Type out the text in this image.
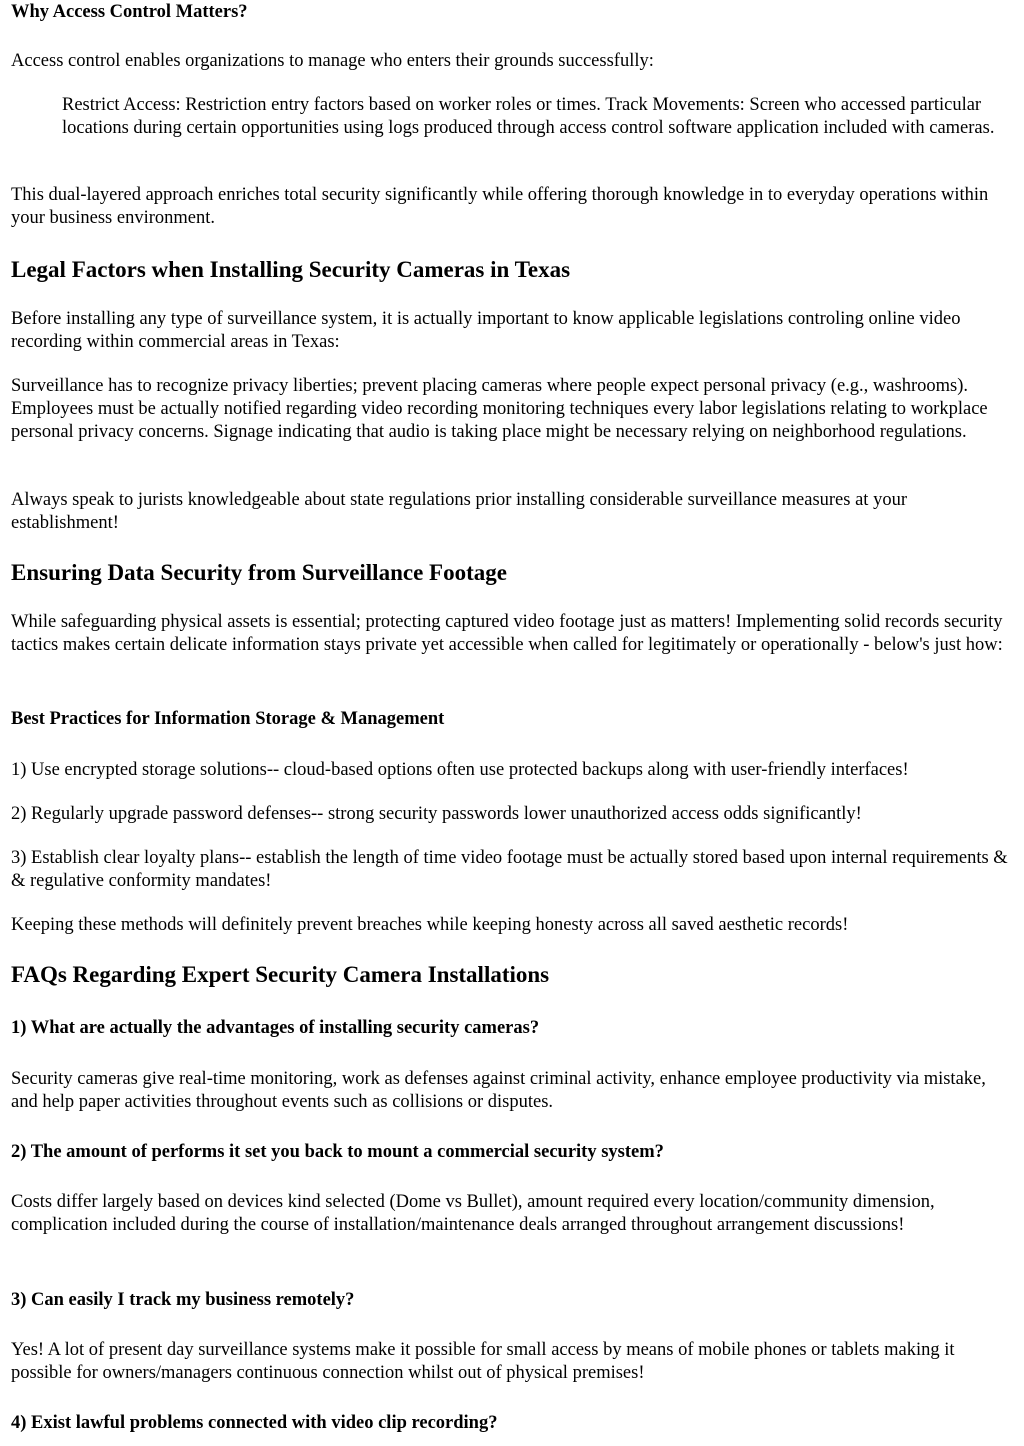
Why Access Control Matters?

Access control enables organizations to manage who enters their grounds successfully:

Restrict Access: Restriction entry factors based on worker roles or times. Track Movements: Screen who accessed particular locations during certain opportunities using logs produced through access control software application included with cameras.

This dual-layered approach enriches total security significantly while offering thorough knowledge in to everyday operations within your business environment.

Legal Factors when Installing Security Cameras in Texas

Before installing any type of surveillance system, it is actually important to know applicable legislations controling online video recording within commercial areas in Texas:

Surveillance has to recognize privacy liberties; prevent placing cameras where people expect personal privacy (e.g., washrooms). Employees must be actually notified regarding video recording monitoring techniques every labor legislations relating to workplace personal privacy concerns. Signage indicating that audio is taking place might be necessary relying on neighborhood regulations.

Always speak to jurists knowledgeable about state regulations prior installing considerable surveillance measures at your establishment!

Ensuring Data Security from Surveillance Footage

While safeguarding physical assets is essential; protecting captured video footage just as matters! Implementing solid records security tactics makes certain delicate information stays private yet accessible when called for legitimately or operationally - below's just how:

Best Practices for Information Storage & Management

1) Use encrypted storage solutions-- cloud-based options often use protected backups along with user-friendly interfaces!

2) Regularly upgrade password defenses-- strong security passwords lower unauthorized access odds significantly!

3) Establish clear loyalty plans-- establish the length of time video footage must be actually stored based upon internal requirements & & regulative conformity mandates!

Keeping these methods will definitely prevent breaches while keeping honesty across all saved aesthetic records!

FAQs Regarding Expert Security Camera Installations
1) What are actually the advantages of installing security cameras?

Security cameras give real-time monitoring, work as defenses against criminal activity, enhance employee productivity via mistake, and help paper activities throughout events such as collisions or disputes.

2) The amount of performs it set you back to mount a commercial security system?

Costs differ largely based on devices kind selected (Dome vs Bullet), amount required every location/community dimension, complication included during the course of installation/maintenance deals arranged throughout arrangement discussions!

3) Can easily I track my business remotely?

Yes! A lot of present day surveillance systems make it possible for small access by means of mobile phones or tablets making it possible for owners/managers continuous connection whilst out of physical premises!

4) Exist lawful problems connected with video clip recording?
